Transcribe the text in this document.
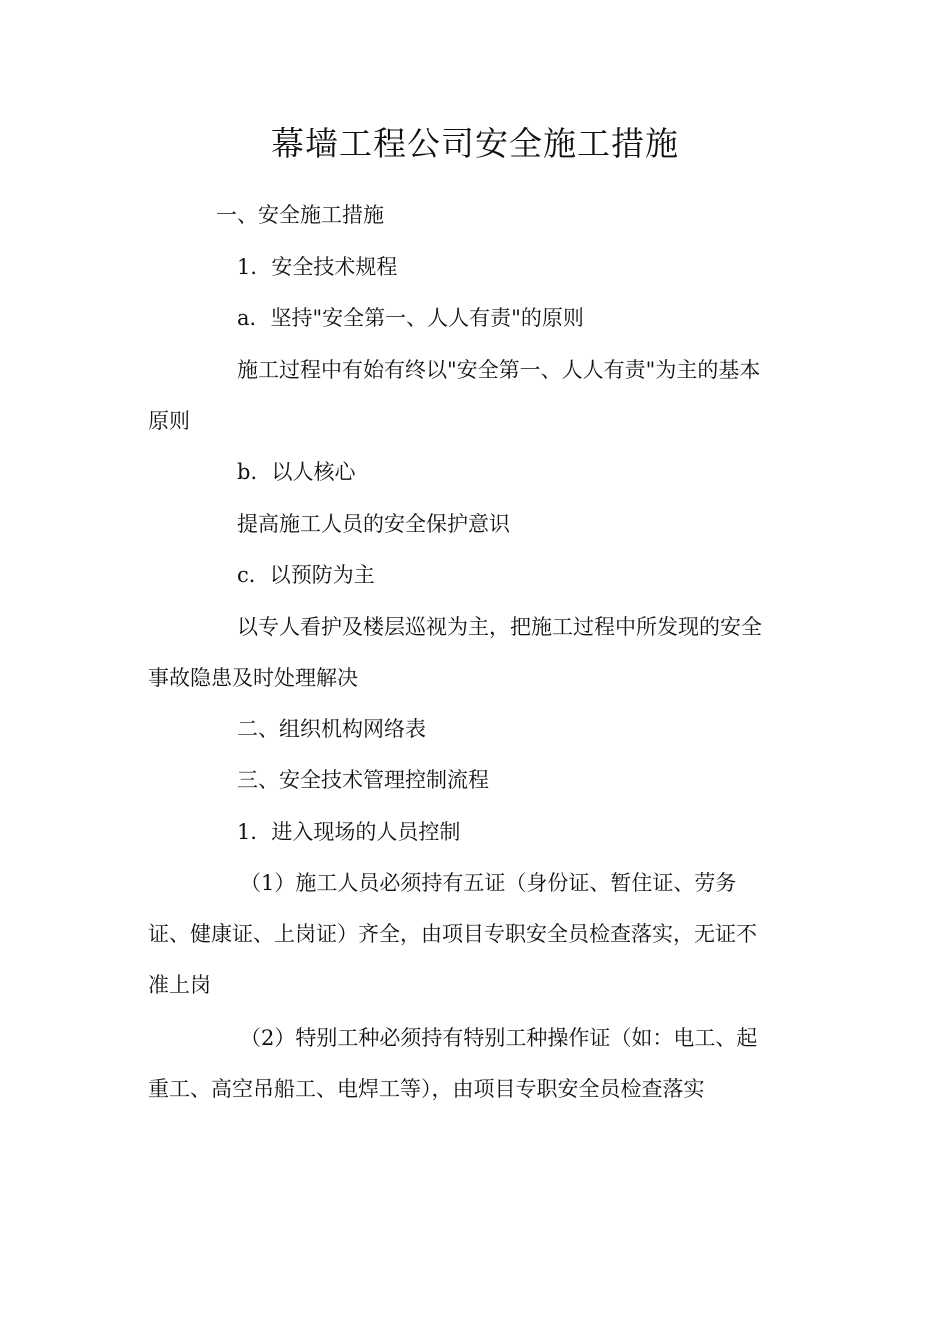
幕墙工程公司安全施工措施
一、安全施工措施
1．安全技术规程
a．坚持"安全第一、人人有责"的原则
施工过程中有始有终以"安全第一、人人有责"为主的基本
原则
b．以人核心
提高施工人员的安全保护意识
c．以预防为主
以专人看护及楼层巡视为主，把施工过程中所发现的安全
事故隐患及时处理解决
二、组织机构网络表
三、安全技术管理控制流程
1．进入现场的人员控制
（1）施工人员必须持有五证（身份证、暂住证、劳务
证、健康证、上岗证）齐全，由项目专职安全员检查落实，无证不
准上岗
（2）特别工种必须持有特别工种操作证（如：电工、起
重工、高空吊船工、电焊工等），由项目专职安全员检查落实
